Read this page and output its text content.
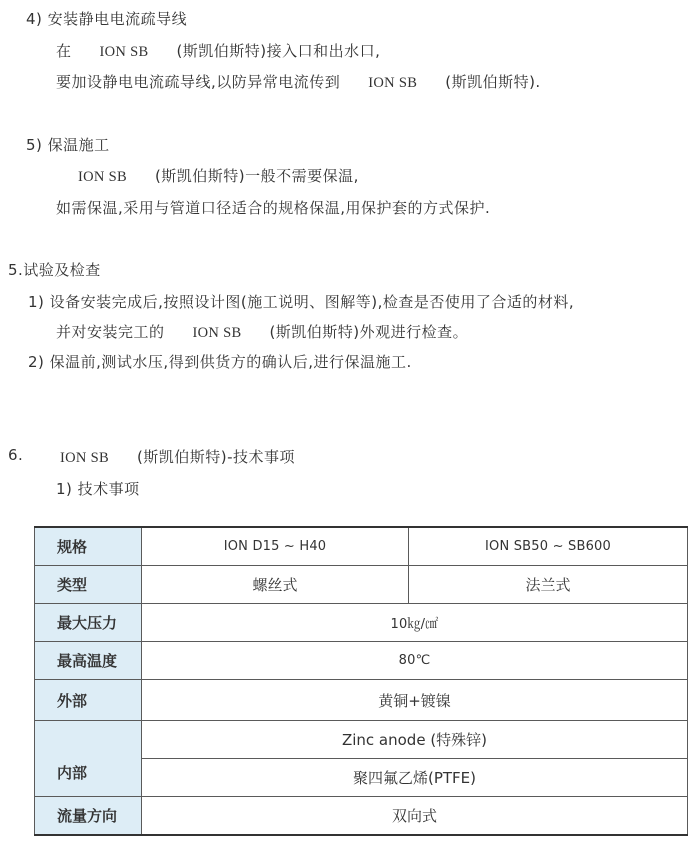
4) 安装静电电流疏导线
在 ION SB (斯凯伯斯特)接入口和出水口,
要加设静电电流疏导线,以防异常电流传到 ION SB (斯凯伯斯特).
5) 保温施工
ION SB (斯凯伯斯特)一般不需要保温,
如需保温,采用与管道口径适合的规格保温,用保护套的方式保护.
5.试验及检查
1) 设备安装完成后,按照设计图(施工说明、图解等),检查是否使用了合适的材料,
并对安装完工的 ION SB (斯凯伯斯特)外观进行检查。
2) 保温前,测试水压,得到供货方的确认后,进行保温施工.
6.	ION SB (斯凯伯斯特)-技术事项
1) 技术事项
规格	ION D15 ~ H40	ION SB50 ~ SB600
类型	螺丝式	法兰式
最大压力	10㎏/㎠	
最高温度	80℃	
外部	黄铜+镀镍	
内部	Zinc anode (特殊锌)	
	聚四氟乙烯(PTFE)	
流量方向	双向式	
